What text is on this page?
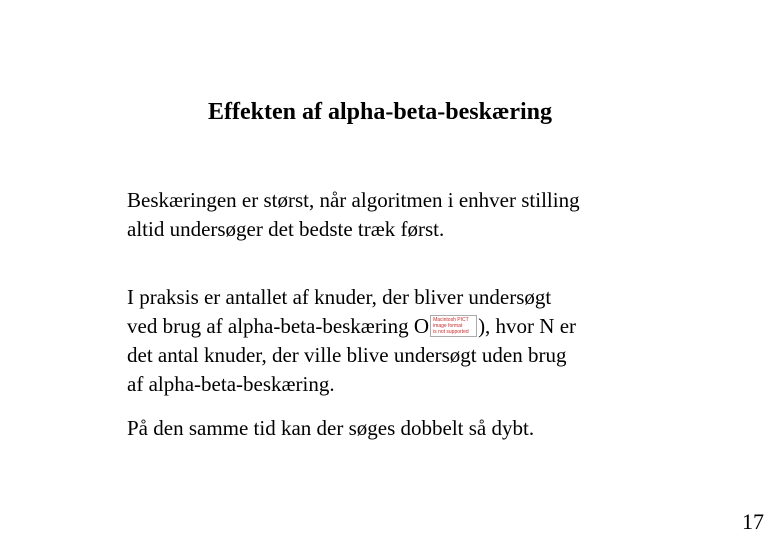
Effekten af alpha-beta-beskæring
Beskæringen er størst, når algoritmen i enhver stilling
altid undersøger det bedste træk først.
I praksis er antallet af knuder, der bliver undersøgt
ved brug af alpha-beta-beskæring O Macintosh PICT
image format
is not supported ), hvor N er
det antal knuder, der ville blive undersøgt uden brug
af alpha-beta-beskæring.
På den samme tid kan der søges dobbelt så dybt.
17
